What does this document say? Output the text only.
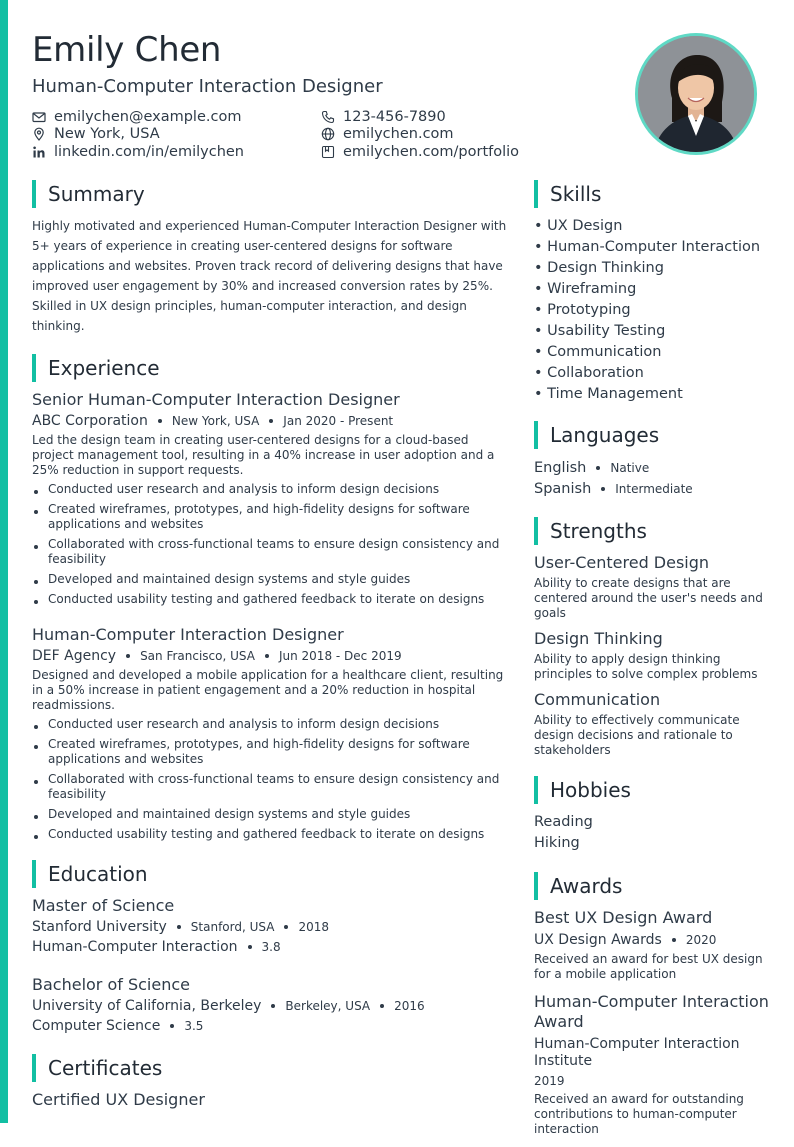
Emily Chen
Human-Computer Interaction Designer
emilychen@example.com
New York, USA
linkedin.com/in/emilychen
123-456-7890
emilychen.com
emilychen.com/portfolio
Summary

Highly motivated and experienced Human-Computer Interaction Designer with 5+ years of experience in creating user-centered designs for software applications and websites. Proven track record of delivering designs that have improved user engagement by 30% and increased conversion rates by 25%. Skilled in UX design principles, human-computer interaction, and design thinking.

Experience
Senior Human-Computer Interaction Designer
ABC Corporation New York, USA Jan 2020 - Present
Led the design team in creating user-centered designs for a cloud-based project management tool, resulting in a 40% increase in user adoption and a 25% reduction in support requests.
Conducted user research and analysis to inform design decisions
Created wireframes, prototypes, and high-fidelity designs for software applications and websites
Collaborated with cross-functional teams to ensure design consistency and feasibility
Developed and maintained design systems and style guides
Conducted usability testing and gathered feedback to iterate on designs
Human-Computer Interaction Designer
DEF Agency San Francisco, USA Jun 2018 - Dec 2019
Designed and developed a mobile application for a healthcare client, resulting in a 50% increase in patient engagement and a 20% reduction in hospital readmissions.
Conducted user research and analysis to inform design decisions
Created wireframes, prototypes, and high-fidelity designs for software applications and websites
Collaborated with cross-functional teams to ensure design consistency and feasibility
Developed and maintained design systems and style guides
Conducted usability testing and gathered feedback to iterate on designs
Education
Master of Science
Stanford University Stanford, USA 2018
Human-Computer Interaction 3.8
Bachelor of Science
University of California, Berkeley Berkeley, USA 2016
Computer Science 3.5
Certificates
Certified UX Designer
Skills
• UX Design
• Human-Computer Interaction
• Design Thinking • Wireframing
• Prototyping • Usability Testing
• Communication • Collaboration
• Time Management
Languages
English Native
Spanish Intermediate
Strengths
User-Centered Design
Ability to create designs that are centered around the user's needs and goals
Design Thinking
Ability to apply design thinking principles to solve complex problems
Communication
Ability to effectively communicate design decisions and rationale to stakeholders
Hobbies
Reading
Hiking
Awards
Best UX Design Award
UX Design Awards 2020
Received an award for best UX design for a mobile application
Human-Computer Interaction Award
Human-Computer Interaction Institute
2019
Received an award for outstanding contributions to human-computer interaction
